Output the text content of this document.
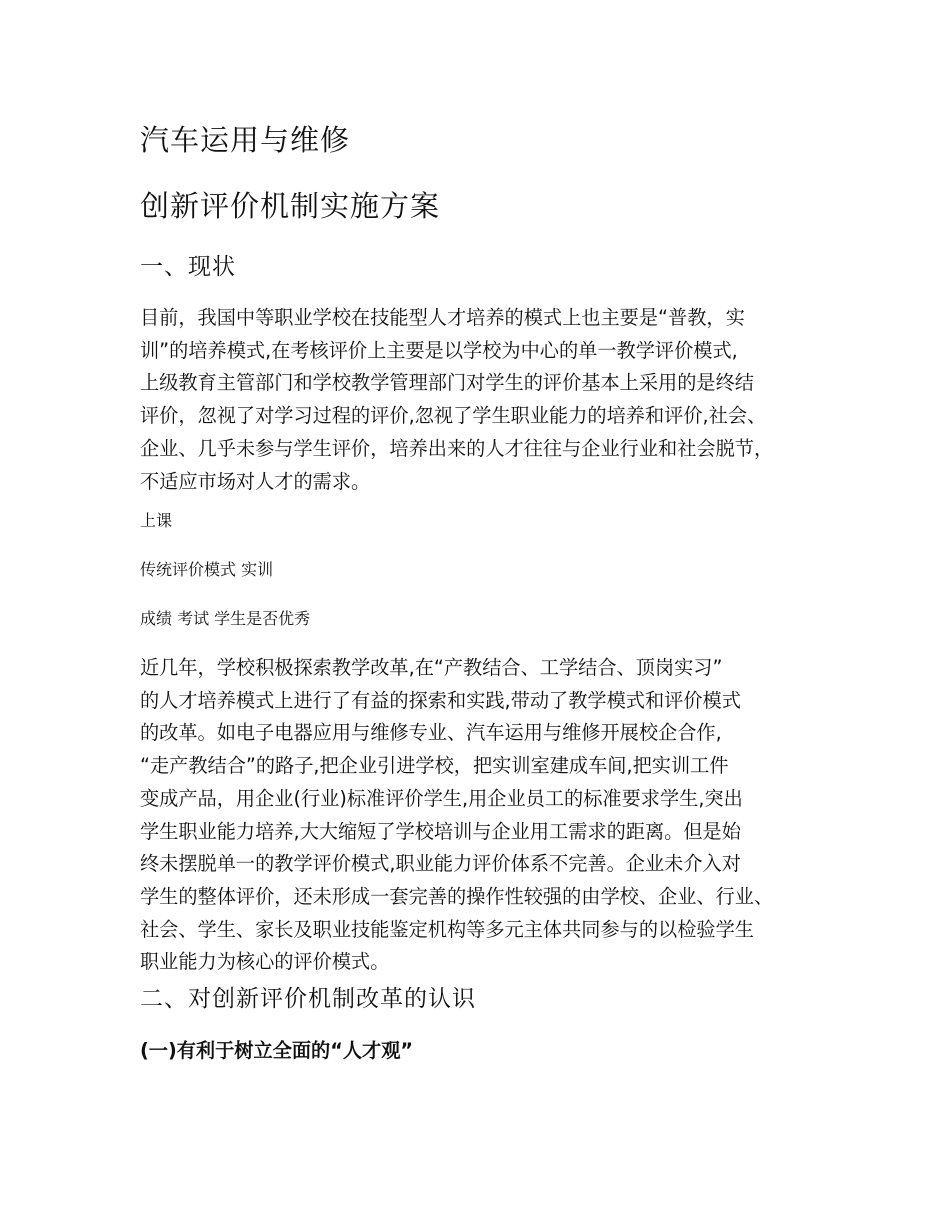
汽车运用与维修
创新评价机制实施方案
一、现状

目前，我国中等职业学校在技能型人才培养的模式上也主要是“普教，实
训”的培养模式,在考核评价上主要是以学校为中心的单一教学评价模式,
上级教育主管部门和学校教学管理部门对学生的评价基本上采用的是终结
评价，忽视了对学习过程的评价,忽视了学生职业能力的培养和评价,社会、
企业、几乎未参与学生评价，培养出来的人才往往与企业行业和社会脱节，
不适应市场对人才的需求。

上课

传统评价模式 实训

成绩 考试 学生是否优秀

近几年，学校积极探索教学改革,在“产教结合、工学结合、顶岗实习”
的人才培养模式上进行了有益的探索和实践,带动了教学模式和评价模式
的改革。如电子电器应用与维修专业、汽车运用与维修开展校企合作,
“走产教结合”的路子,把企业引进学校，把实训室建成车间,把实训工件
变成产品，用企业(行业)标准评价学生,用企业员工的标准要求学生,突出
学生职业能力培养,大大缩短了学校培训与企业用工需求的距离。但是始
终未摆脱单一的教学评价模式,职业能力评价体系不完善。企业未介入对
学生的整体评价，还未形成一套完善的操作性较强的由学校、企业、行业、
社会、学生、家长及职业技能鉴定机构等多元主体共同参与的以检验学生
职业能力为核心的评价模式。

二、对创新评价机制改革的认识
(一)有利于树立全面的“人才观”
